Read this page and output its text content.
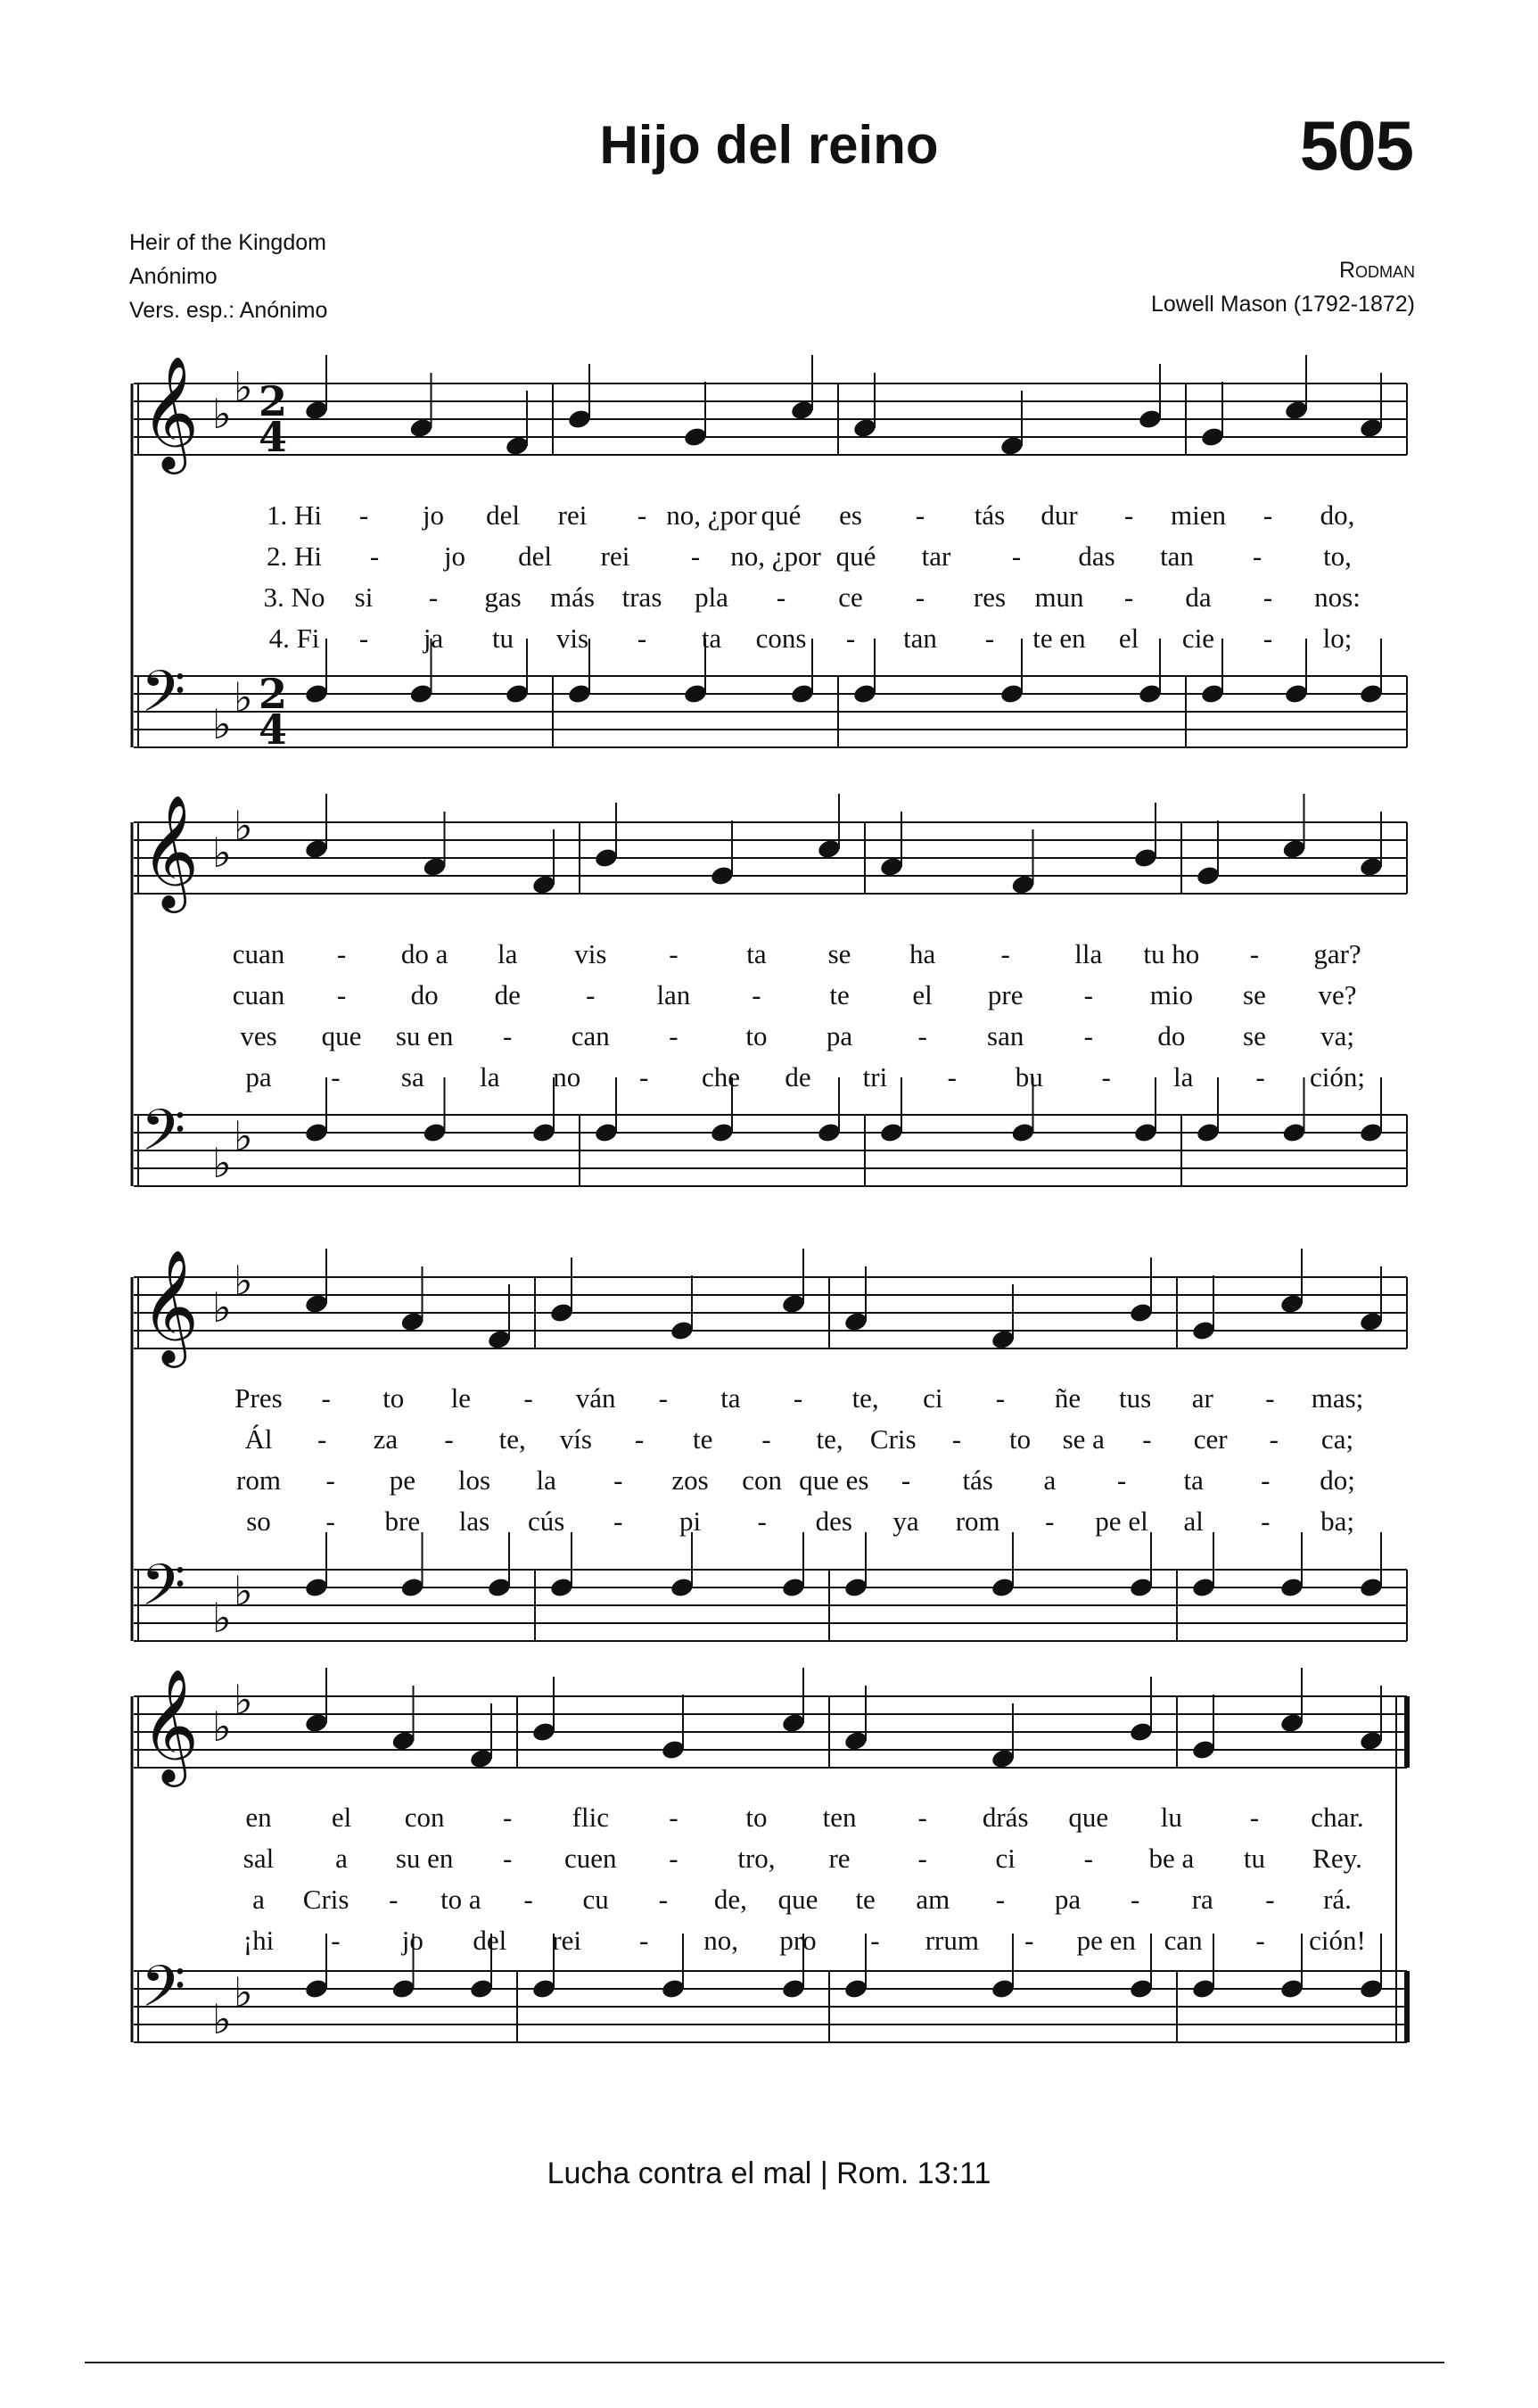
Hijo del reino	505
Heir of the Kingdom
Anónimo
Vers. esp.: Anónimo
Rodman
Lowell Mason (1792-1872)
𝄞 ♭
♭ 2
4
𝄢 ♭
♭ 2
4
𝄞 ♭
♭
𝄢 ♭
♭
𝄞 ♭
♭
𝄢 ♭
♭
𝄞 ♭
♭
𝄢 ♭
♭
1. Hi - jo del rei - no, ¿por qué es - tás dur - mien - do,
2. Hi - jo del rei - no, ¿por qué tar - das tan - to,
3. No si - gas más tras pla - ce - res mun - da - nos:
4. Fi - ja tu vis - ta cons - tan - te en el cie - lo;
cuan - do a la vis - ta se ha - lla tu ho - gar?
cuan - do de - lan - te el pre - mio se ve?
ves que su en - can - to pa - san - do se va;
pa - sa la no - che de tri - bu - la - ción;
Pres - to le - ván - ta - te, ci - ñe tus ar - mas;
Ál - za - te, vís - te - te, Cris - to se a - cer - ca;
rom - pe los la - zos con que es - tás a - ta - do;
so - bre las cús - pi - des ya rom - pe el al - ba;
en el con - flic - to ten - drás que lu - char.
sal a su en - cuen - tro, re - ci - be a tu Rey.
a Cris - to a - cu - de, que te am - pa - ra - rá.
¡hi - jo del rei - no, pro - rrum - pe en can - ción!
Lucha contra el mal | Rom. 13:11
